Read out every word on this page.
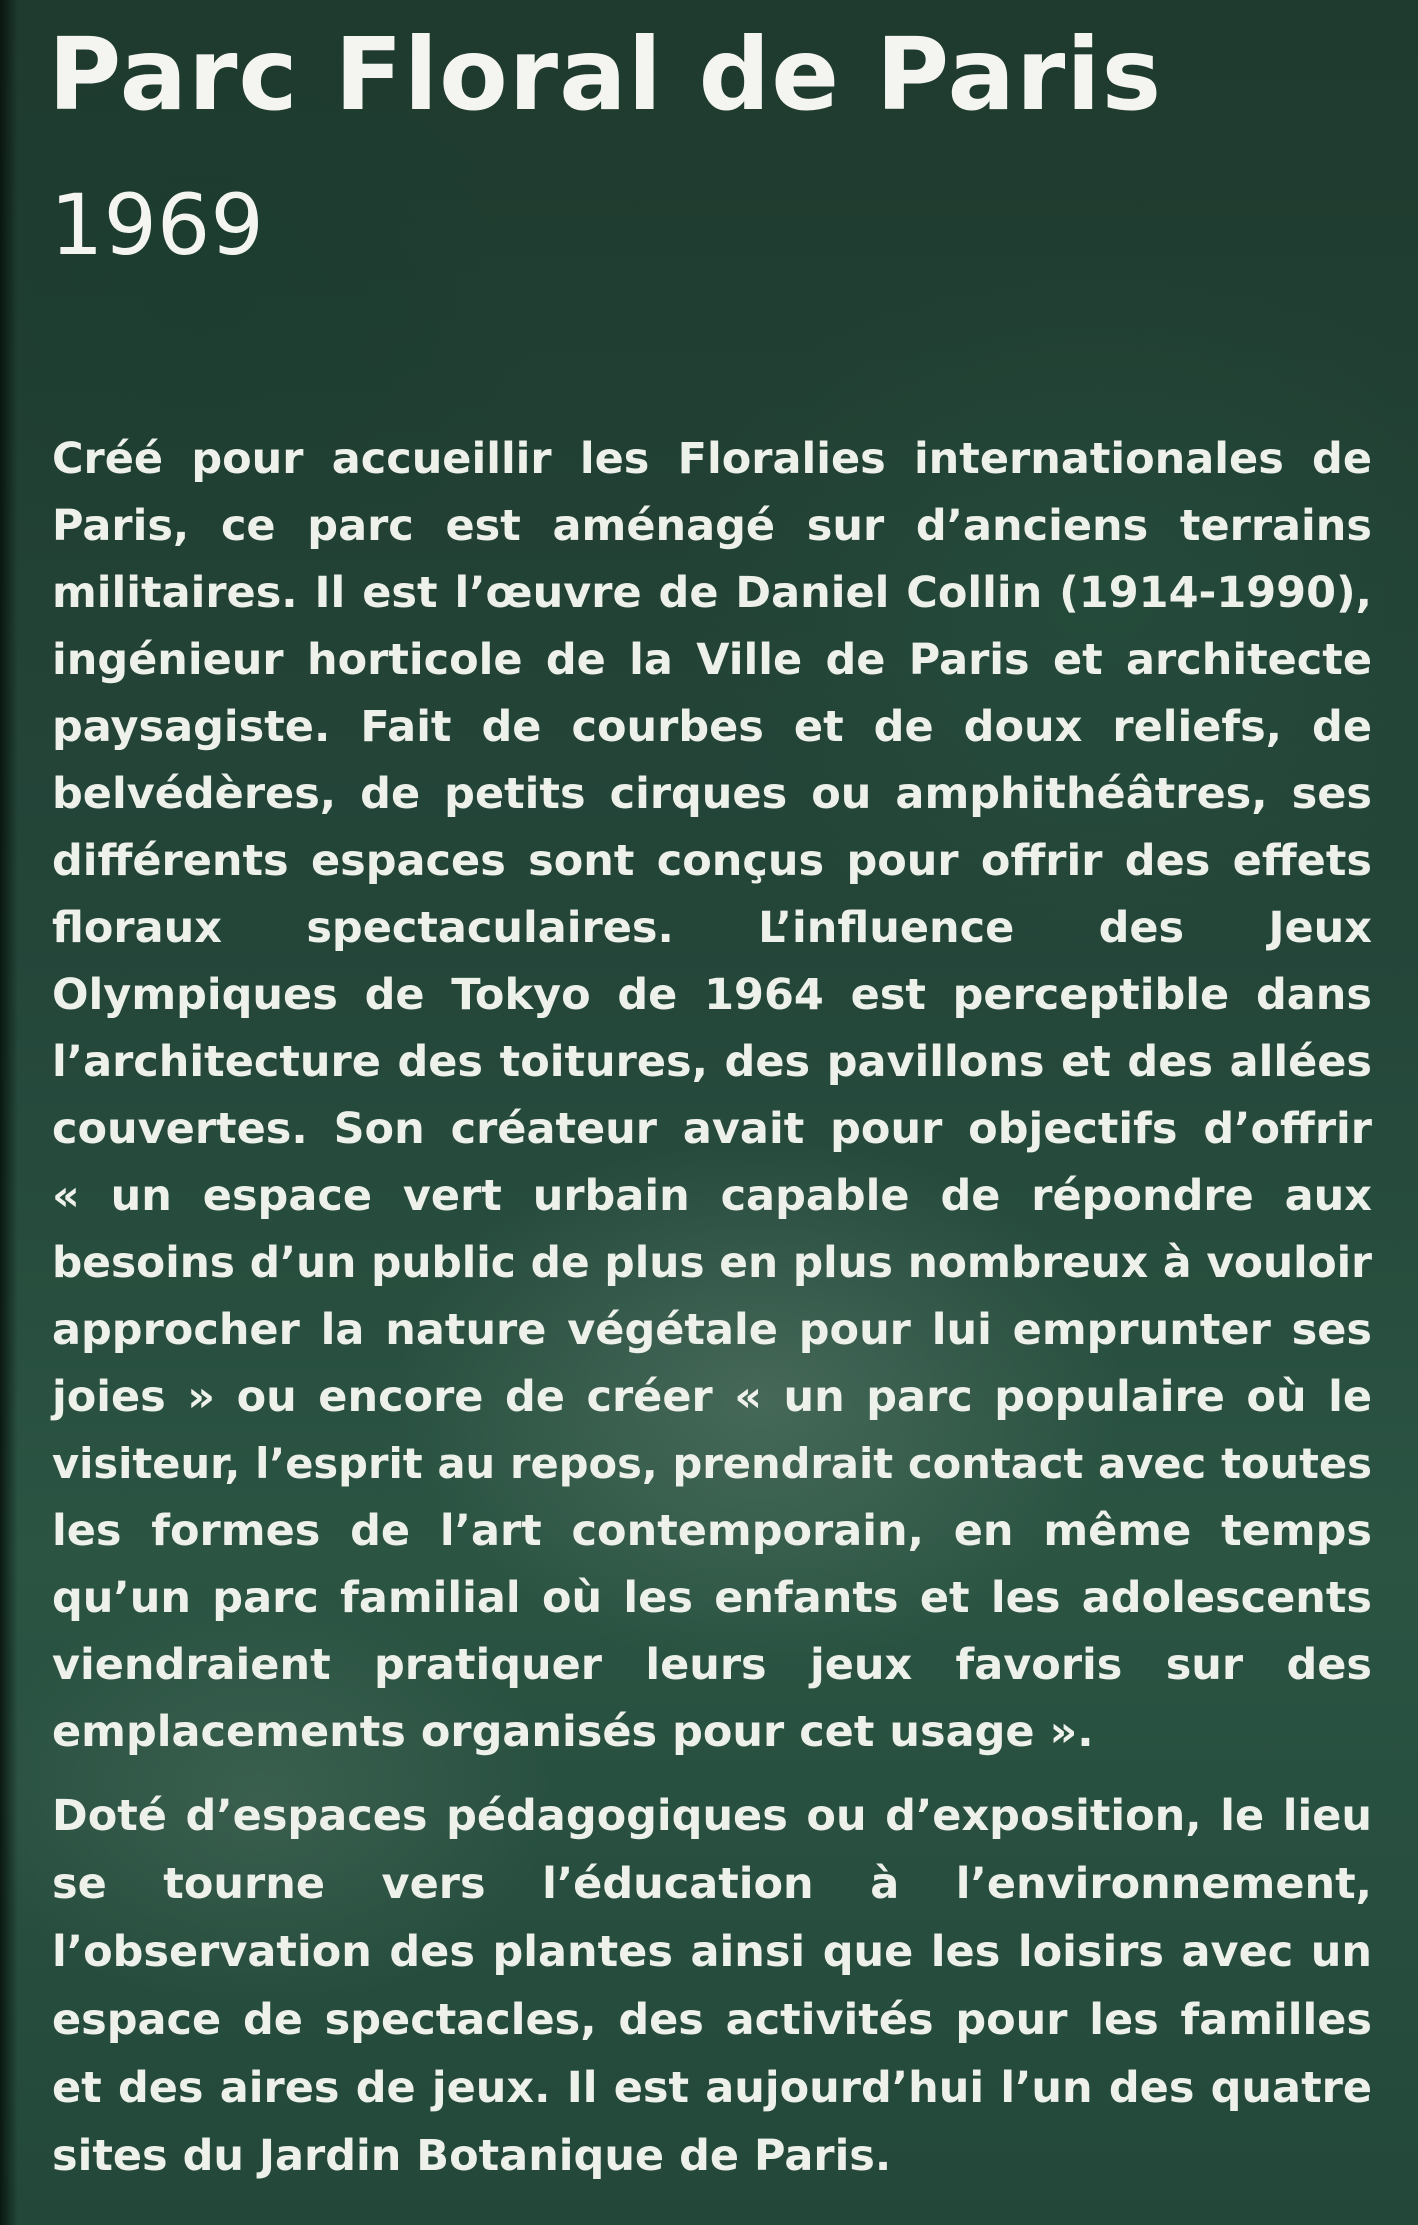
Parc Floral de Paris
1969

Créé pour accueillir les Floralies internationales de

Paris, ce parc est aménagé sur d’anciens terrains

militaires. Il est l’œuvre de Daniel Collin (1914-1990),

ingénieur horticole de la Ville de Paris et architecte

paysagiste. Fait de courbes et de doux reliefs, de

belvédères, de petits cirques ou amphithéâtres, ses

différents espaces sont conçus pour offrir des effets

floraux spectaculaires. L’influence des Jeux

Olympiques de Tokyo de 1964 est perceptible dans

l’architecture des toitures, des pavillons et des allées

couvertes. Son créateur avait pour objectifs d’offrir

« un espace vert urbain capable de répondre aux

besoins d’un public de plus en plus nombreux à vouloir

approcher la nature végétale pour lui emprunter ses

joies » ou encore de créer « un parc populaire où le

visiteur, l’esprit au repos, prendrait contact avec toutes

les formes de l’art contemporain, en même temps

qu’un parc familial où les enfants et les adolescents

viendraient pratiquer leurs jeux favoris sur des

emplacements organisés pour cet usage ».

Doté d’espaces pédagogiques ou d’exposition, le lieu

se tourne vers l’éducation à l’environnement,

l’observation des plantes ainsi que les loisirs avec un

espace de spectacles, des activités pour les familles

et des aires de jeux. Il est aujourd’hui l’un des quatre

sites du Jardin Botanique de Paris.
